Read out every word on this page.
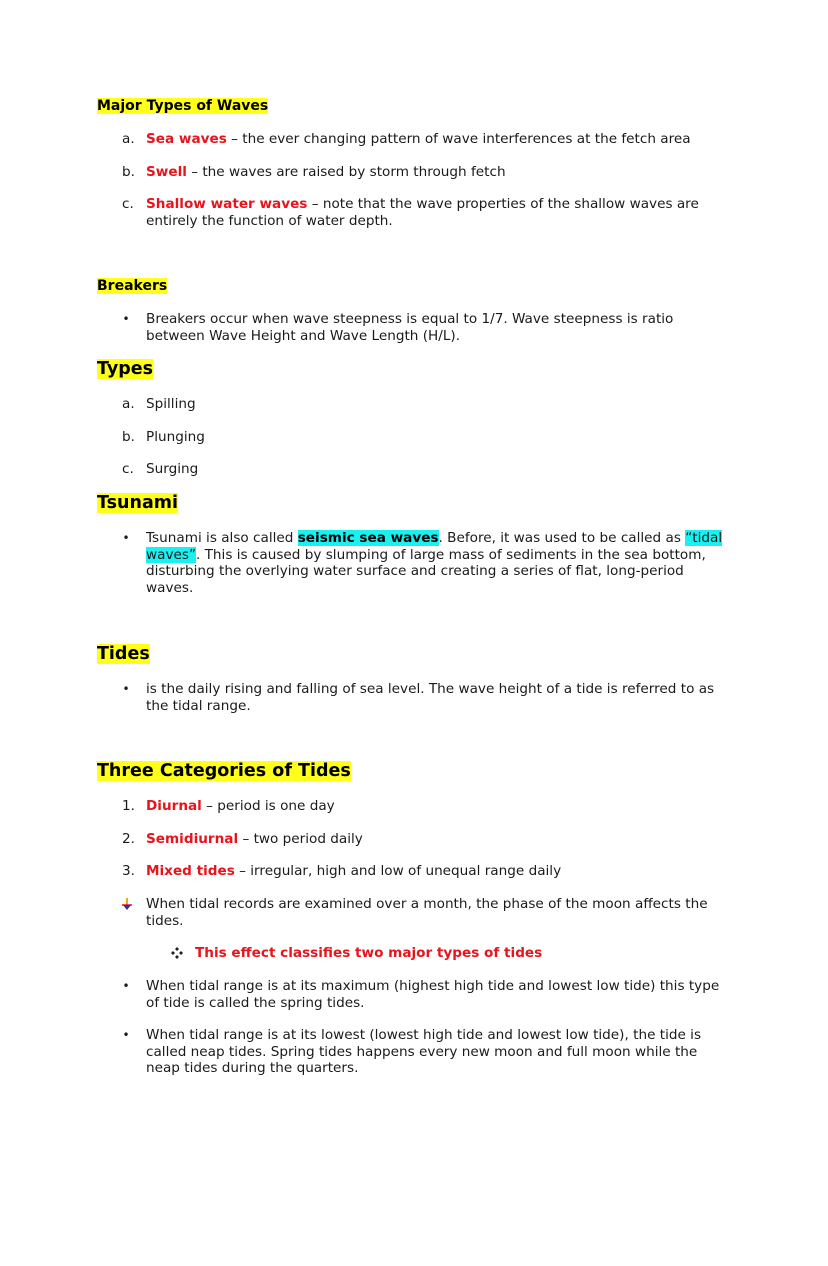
Major Types of Waves
a. Sea waves – the ever changing pattern of wave interferences at the fetch area
b. Swell – the waves are raised by storm through fetch
c. Shallow water waves – note that the wave properties of the shallow waves are entirely the function of water depth.
Breakers
• Breakers occur when wave steepness is equal to 1/7. Wave steepness is ratio between Wave Height and Wave Length (H/L).
Types
a. Spilling
b. Plunging
c. Surging
Tsunami
• Tsunami is also called seismic sea waves. Before, it was used to be called as “tidal waves”. This is caused by slumping of large mass of sediments in the sea bottom, disturbing the overlying water surface and creating a series of flat, long-period waves.
Tides
• is the daily rising and falling of sea level. The wave height of a tide is referred to as the tidal range.
Three Categories of Tides
1. Diurnal – period is one day
2. Semidiurnal – two period daily
3. Mixed tides – irregular, high and low of unequal range daily
When tidal records are examined over a month, the phase of the moon affects the tides.
This effect classifies two major types of tides
• When tidal range is at its maximum (highest high tide and lowest low tide) this type of tide is called the spring tides.
• When tidal range is at its lowest (lowest high tide and lowest low tide), the tide is called neap tides. Spring tides happens every new moon and full moon while the neap tides during the quarters.
